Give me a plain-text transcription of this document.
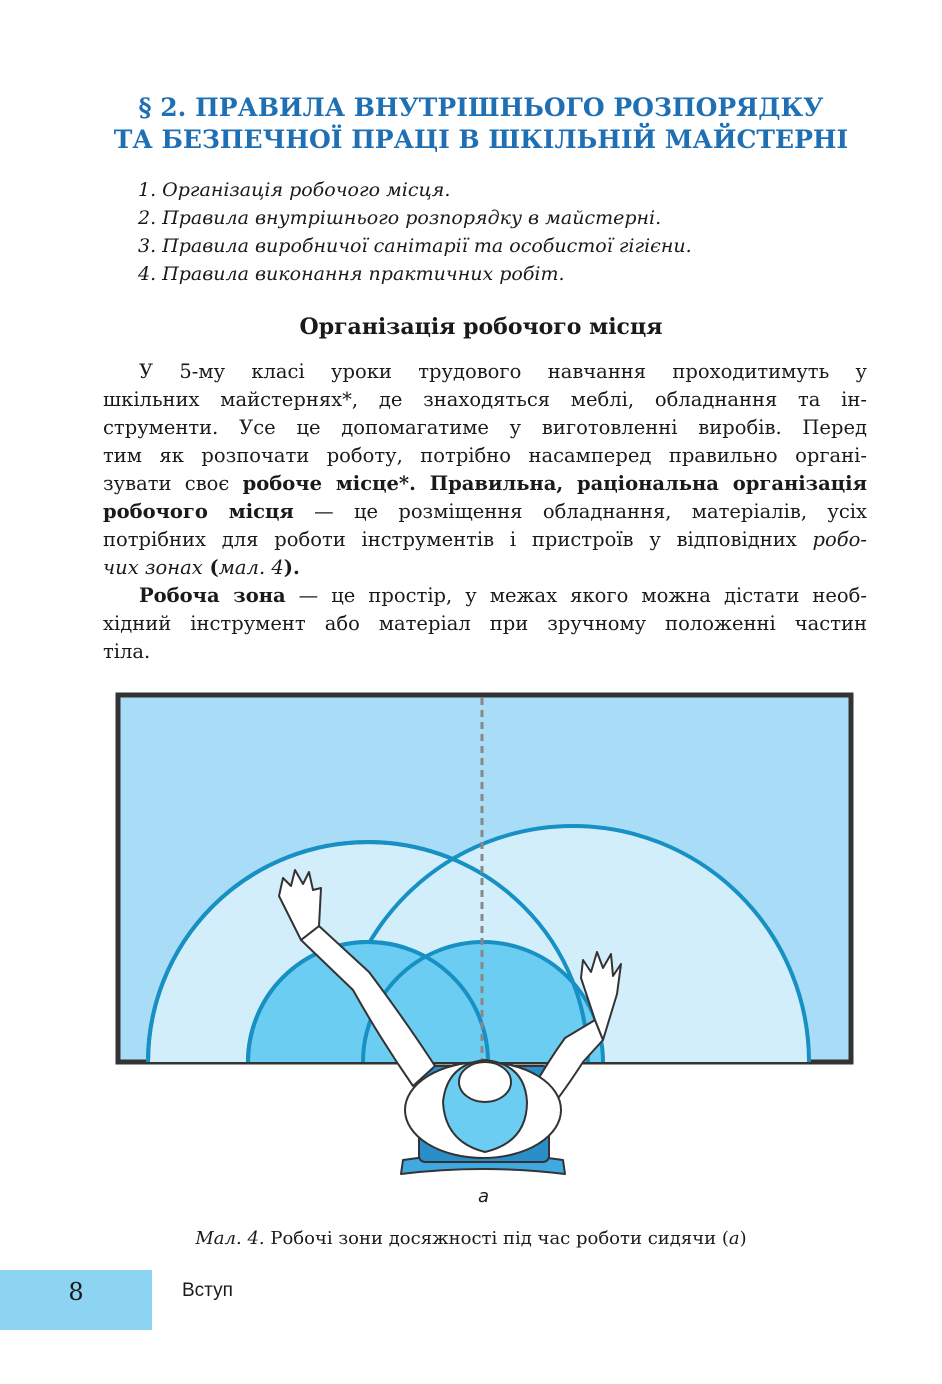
§ 2. ПРАВИЛА ВНУТРІШНЬОГО РОЗПОРЯДКУ
ТА БЕЗПЕЧНОЇ ПРАЦІ В ШКІЛЬНІЙ МАЙСТЕРНІ
1. Організація робочого місця.
2. Правила внутрішнього розпорядку в майстерні.
3. Правила виробничої санітарії та особистої гігієни.
4. Правила виконання практичних робіт.
Організація робочого місця
У 5-му класі уроки трудового навчання проходитимуть у
шкільних майстернях*, де знаходяться меблі, обладнання та ін-
струменти. Усе це допомагатиме у виготовленні виробів. Перед
тим як розпочати роботу, потрібно насамперед правильно органі-
зувати своє робоче місце*. Правильна, раціональна організація
робочого місця — це розміщення обладнання, матеріалів, усіх
потрібних для роботи інструментів і пристроїв у відповідних робо-
чих зонах (мал. 4).
Робоча зона — це простір, у межах якого можна дістати необ-
хідний інструмент або матеріал при зручному положенні частин
тіла.
а
Мал. 4. Робочі зони досяжності під час роботи сидячи (а)
8	Вступ
